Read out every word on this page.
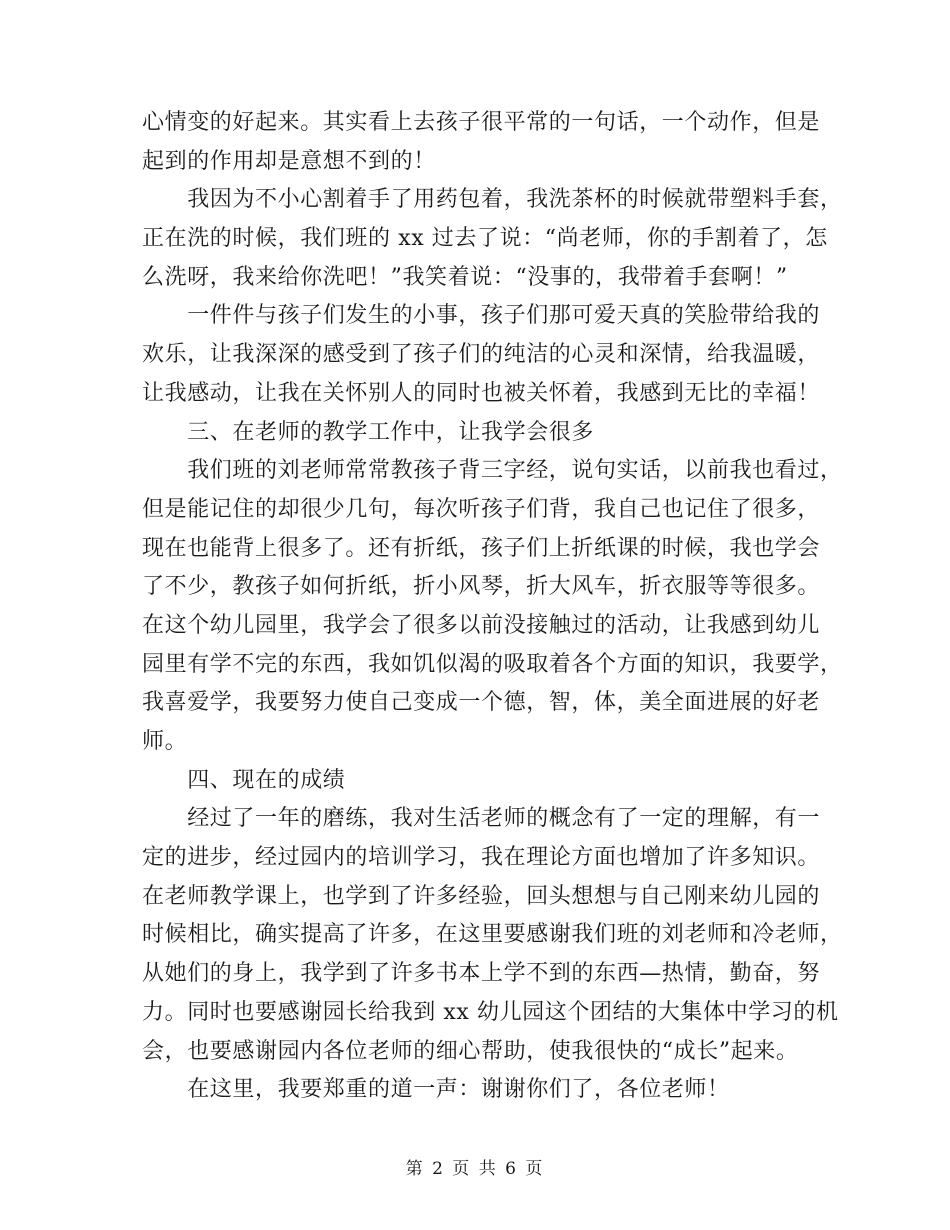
心情变的好起来。其实看上去孩子很平常的一句话，一个动作，但是
起到的作用却是意想不到的！
　　我因为不小心割着手了用药包着，我洗茶杯的时候就带塑料手套，
正在洗的时候，我们班的 xx 过去了说：“尚老师，你的手割着了，怎
么洗呀，我来给你洗吧！”我笑着说：“没事的，我带着手套啊！”
　　一件件与孩子们发生的小事，孩子们那可爱天真的笑脸带给我的
欢乐，让我深深的感受到了孩子们的纯洁的心灵和深情，给我温暖，
让我感动，让我在关怀别人的同时也被关怀着，我感到无比的幸福！
　　三、在老师的教学工作中，让我学会很多
　　我们班的刘老师常常教孩子背三字经，说句实话，以前我也看过，
但是能记住的却很少几句，每次听孩子们背，我自己也记住了很多，
现在也能背上很多了。还有折纸，孩子们上折纸课的时候，我也学会
了不少，教孩子如何折纸，折小风琴，折大风车，折衣服等等很多。
在这个幼儿园里，我学会了很多以前没接触过的活动，让我感到幼儿
园里有学不完的东西，我如饥似渴的吸取着各个方面的知识，我要学，
我喜爱学，我要努力使自己变成一个德，智，体，美全面进展的好老
师。
　　四、现在的成绩
　　经过了一年的磨练，我对生活老师的概念有了一定的理解，有一
定的进步，经过园内的培训学习，我在理论方面也增加了许多知识。
在老师教学课上，也学到了许多经验，回头想想与自己刚来幼儿园的
时候相比，确实提高了许多，在这里要感谢我们班的刘老师和冷老师，
从她们的身上，我学到了许多书本上学不到的东西—热情，勤奋，努
力。同时也要感谢园长给我到 xx 幼儿园这个团结的大集体中学习的机
会，也要感谢园内各位老师的细心帮助，使我很快的“成长”起来。
　　在这里，我要郑重的道一声：谢谢你们了，各位老师！
第 2 页 共 6 页
